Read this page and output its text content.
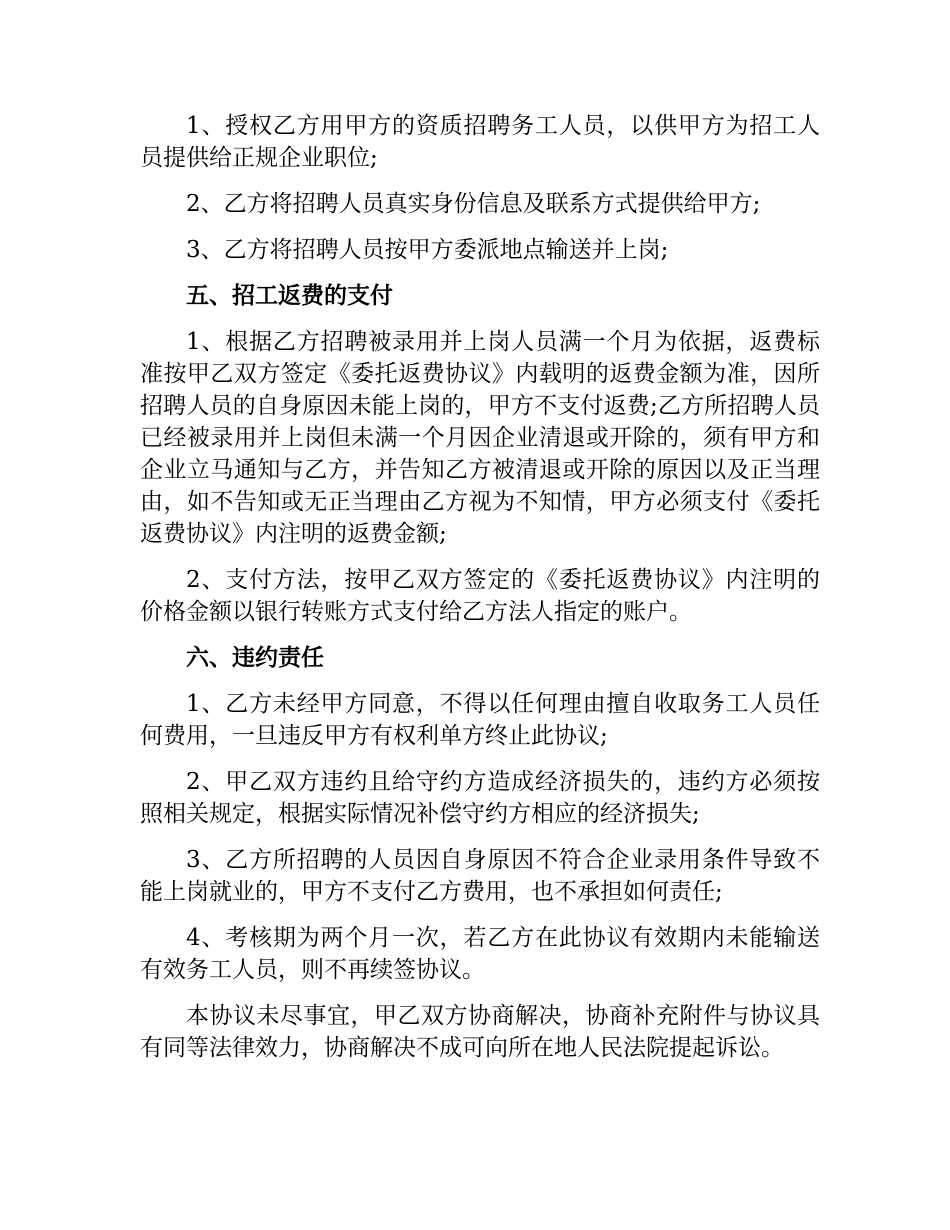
1、授权乙方用甲方的资质招聘务工人员，以供甲方为招工人员提供给正规企业职位;

2、乙方将招聘人员真实身份信息及联系方式提供给甲方;

3、乙方将招聘人员按甲方委派地点输送并上岗;

五、招工返费的支付

1、根据乙方招聘被录用并上岗人员满一个月为依据，返费标准按甲乙双方签定《委托返费协议》内载明的返费金额为准，因所招聘人员的自身原因未能上岗的，甲方不支付返费;乙方所招聘人员已经被录用并上岗但未满一个月因企业清退或开除的，须有甲方和企业立马通知与乙方，并告知乙方被清退或开除的原因以及正当理由，如不告知或无正当理由乙方视为不知情，甲方必须支付《委托返费协议》内注明的返费金额;

2、支付方法，按甲乙双方签定的《委托返费协议》内注明的价格金额以银行转账方式支付给乙方法人指定的账户。

六、违约责任

1、乙方未经甲方同意，不得以任何理由擅自收取务工人员任何费用，一旦违反甲方有权利单方终止此协议;

2、甲乙双方违约且给守约方造成经济损失的，违约方必须按照相关规定，根据实际情况补偿守约方相应的经济损失;

3、乙方所招聘的人员因自身原因不符合企业录用条件导致不能上岗就业的，甲方不支付乙方费用，也不承担如何责任;

4、考核期为两个月一次，若乙方在此协议有效期内未能输送有效务工人员，则不再续签协议。

本协议未尽事宜，甲乙双方协商解决，协商补充附件与协议具有同等法律效力，协商解决不成可向所在地人民法院提起诉讼。
